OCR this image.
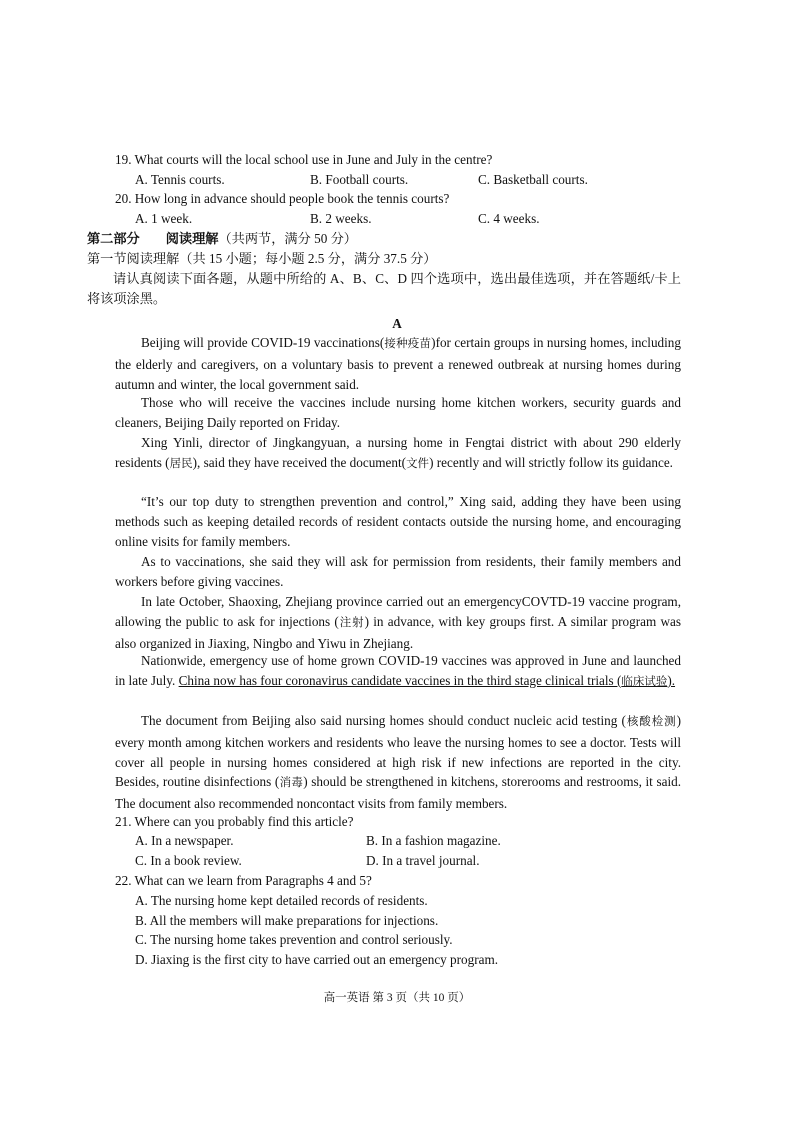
19. What courts will the local school use in June and July in the centre?
A. Tennis courts.	B. Football courts.	C. Basketball courts.
20. How long in advance should people book the tennis courts?
A. 1 week.	B. 2 weeks.	C. 4 weeks.
第二部分 阅读理解（共两节，满分 50 分）
第一节阅读理解（共 15 小题；每小题 2.5 分，满分 37.5 分）
请认真阅读下面各题，从题中所给的 A、B、C、D 四个选项中，选出最佳选项，并在答题纸/卡上将该项涂黑。
A
Beijing will provide COVID-19 vaccinations(接种疫苗)for certain groups in nursing homes, including the elderly and caregivers, on a voluntary basis to prevent a renewed outbreak at nursing homes during autumn and winter, the local government said.
Those who will receive the vaccines include nursing home kitchen workers, security guards and cleaners, Beijing Daily reported on Friday.
Xing Yinli, director of Jingkangyuan, a nursing home in Fengtai district with about 290 elderly residents (居民), said they have received the document(文件) recently and will strictly follow its guidance.
“It’s our top duty to strengthen prevention and control,” Xing said, adding they have been using methods such as keeping detailed records of resident contacts outside the nursing home, and encouraging online visits for family members.
As to vaccinations, she said they will ask for permission from residents, their family members and workers before giving vaccines.
In late October, Shaoxing, Zhejiang province carried out an emergencyCOVTD-19 vaccine program, allowing the public to ask for injections (注射) in advance, with key groups first. A similar program was also organized in Jiaxing, Ningbo and Yiwu in Zhejiang.
Nationwide, emergency use of home grown COVID-19 vaccines was approved in June and launched in late July. China now has four coronavirus candidate vaccines in the third stage clinical trials (临床试验).
The document from Beijing also said nursing homes should conduct nucleic acid testing (核酸检测) every month among kitchen workers and residents who leave the nursing homes to see a doctor. Tests will cover all people in nursing homes considered at high risk if new infections are reported in the city. Besides, routine disinfections (消毒) should be strengthened in kitchens, storerooms and restrooms, it said. The document also recommended noncontact visits from family members.
21. Where can you probably find this article?
A. In a newspaper.	B. In a fashion magazine.
C. In a book review.	D. In a travel journal.
22. What can we learn from Paragraphs 4 and 5?
A. The nursing home kept detailed records of residents.
B. All the members will make preparations for injections.
C. The nursing home takes prevention and control seriously.
D. Jiaxing is the first city to have carried out an emergency program.
高一英语 第 3 页（共 10 页）
